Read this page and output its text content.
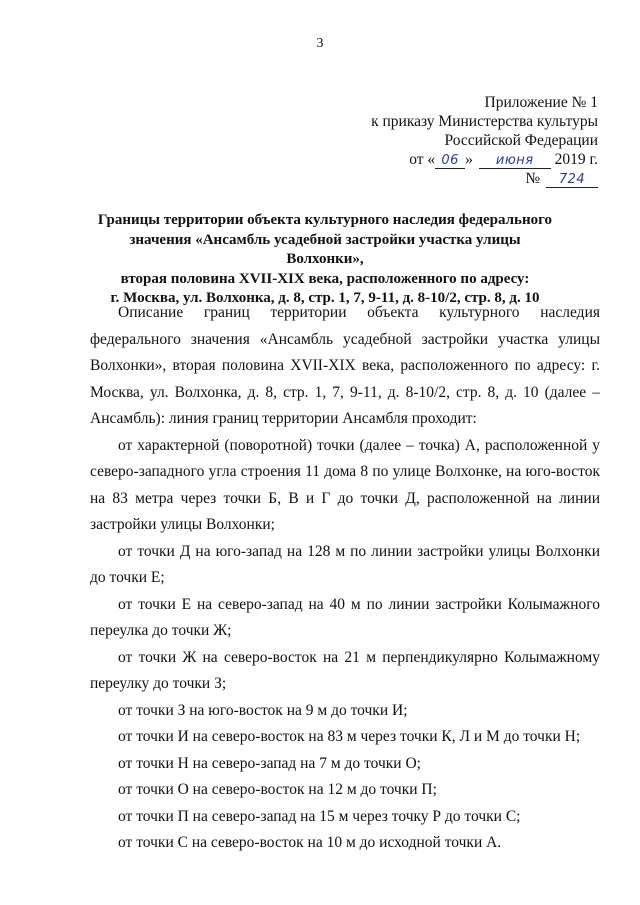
3
Приложение № 1
к приказу Министерства культуры
Российской Федерации
от « 06 » июня 2019 г.
№ 724
Границы территории объекта культурного наследия федерального
значения «Ансамбль усадебной застройки участка улицы Волхонки»,
вторая половина XVII-XIX века, расположенного по адресу:
г. Москва, ул. Волхонка, д. 8, стр. 1, 7, 9-11, д. 8-10/2, стр. 8, д. 10

Описание границ территории объекта культурного наследия федерального значения «Ансамбль усадебной застройки участка улицы Волхонки», вторая половина XVII-XIX века, расположенного по адресу: г. Москва, ул. Волхонка, д. 8, стр. 1, 7, 9-11, д. 8-10/2, стр. 8, д. 10 (далее – Ансамбль): линия границ территории Ансамбля проходит:

от характерной (поворотной) точки (далее – точка) А, расположенной у северо-западного угла строения 11 дома 8 по улице Волхонке, на юго-восток на 83 метра через точки Б, В и Г до точки Д, расположенной на линии застройки улицы Волхонки;

от точки Д на юго-запад на 128 м по линии застройки улицы Волхонки до точки Е;

от точки Е на северо-запад на 40 м по линии застройки Колымажного переулка до точки Ж;

от точки Ж на северо-восток на 21 м перпендикулярно Колымажному переулку до точки З;

от точки З на юго-восток на 9 м до точки И;

от точки И на северо-восток на 83 м через точки К, Л и М до точки Н;

от точки Н на северо-запад на 7 м до точки О;

от точки О на северо-восток на 12 м до точки П;

от точки П на северо-запад на 15 м через точку Р до точки С;

от точки С на северо-восток на 10 м до исходной точки А.
